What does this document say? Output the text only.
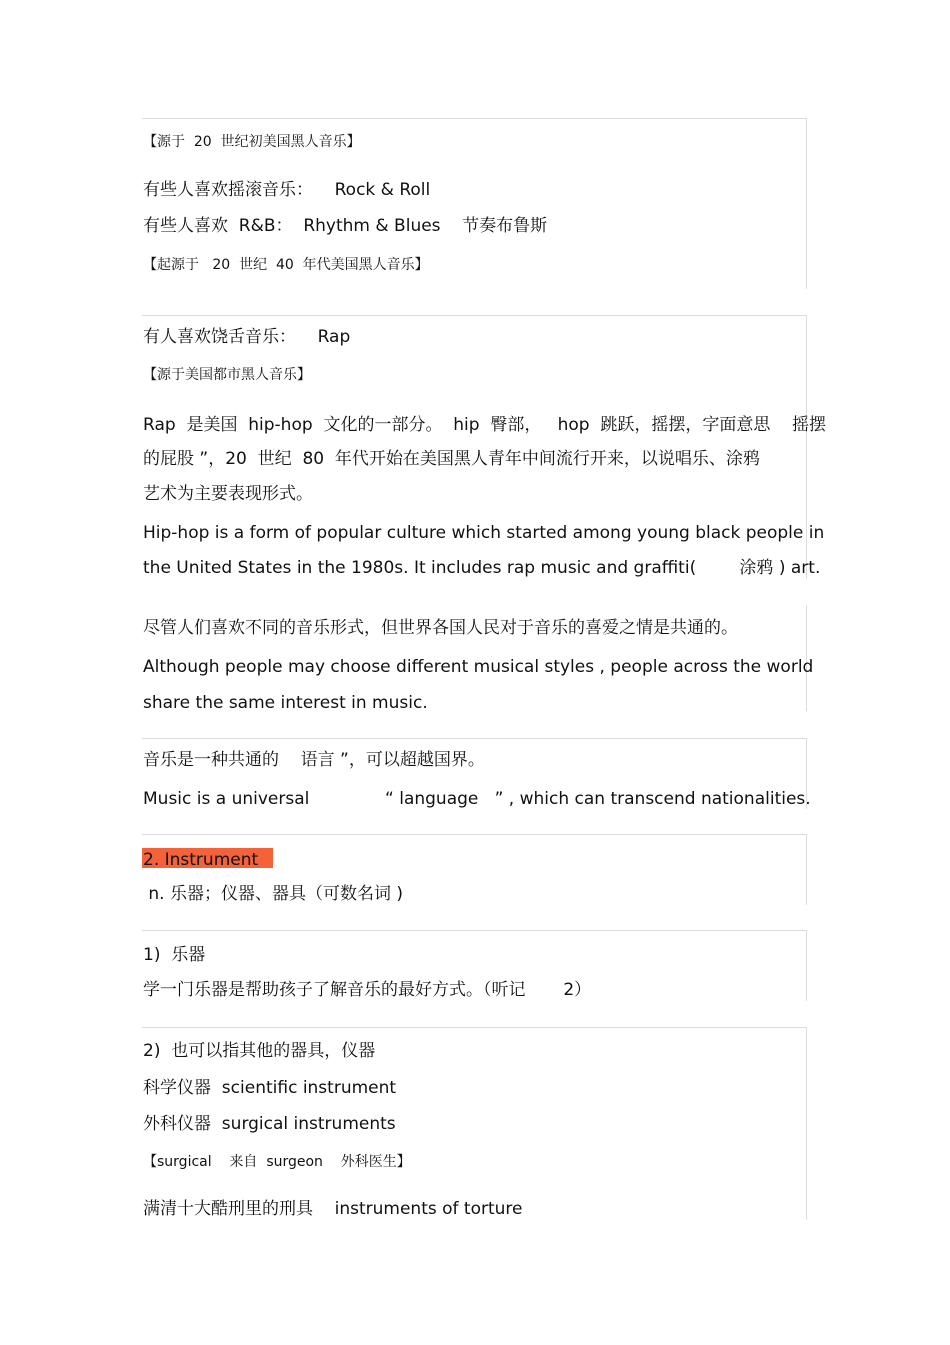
【源于  20  世纪初美国黑人音乐】
有些人喜欢摇滚音乐：    Rock & Roll
有些人喜欢  R&B：  Rhythm & Blues    节奏布鲁斯
【起源于   20  世纪  40  年代美国黑人音乐】
有人喜欢饶舌音乐：    Rap
【源于美国都市黑人音乐】
Rap  是美国  hip-hop  文化的一部分。  hip  臀部，   hop  跳跃，摇摆，字面意思    摇摆
的屁股 ”，20  世纪  80  年代开始在美国黑人青年中间流行开来，以说唱乐、涂鸦
艺术为主要表现形式。
Hip-hop is a form of popular culture which started among young black people in
the United States in the 1980s. It includes rap music and graffiti(        涂鸦 ) art.
尽管人们喜欢不同的音乐形式，但世界各国人民对于音乐的喜爱之情是共通的。
Although people may choose different musical styles , people across the world
share the same interest in music.
音乐是一种共通的    语言 ”，可以超越国界。
Music is a universal              “ language   ” , which can transcend nationalities.
2. Instrument
n. 乐器；仪器、器具（可数名词 )
1)  乐器
学一门乐器是帮助孩子了解音乐的最好方式。（听记       2）
2)  也可以指其他的器具，仪器
科学仪器  scientific instrument
外科仪器  surgical instruments
【surgical    来自  surgeon    外科医生】
满清十大酷刑里的刑具    instruments of torture
